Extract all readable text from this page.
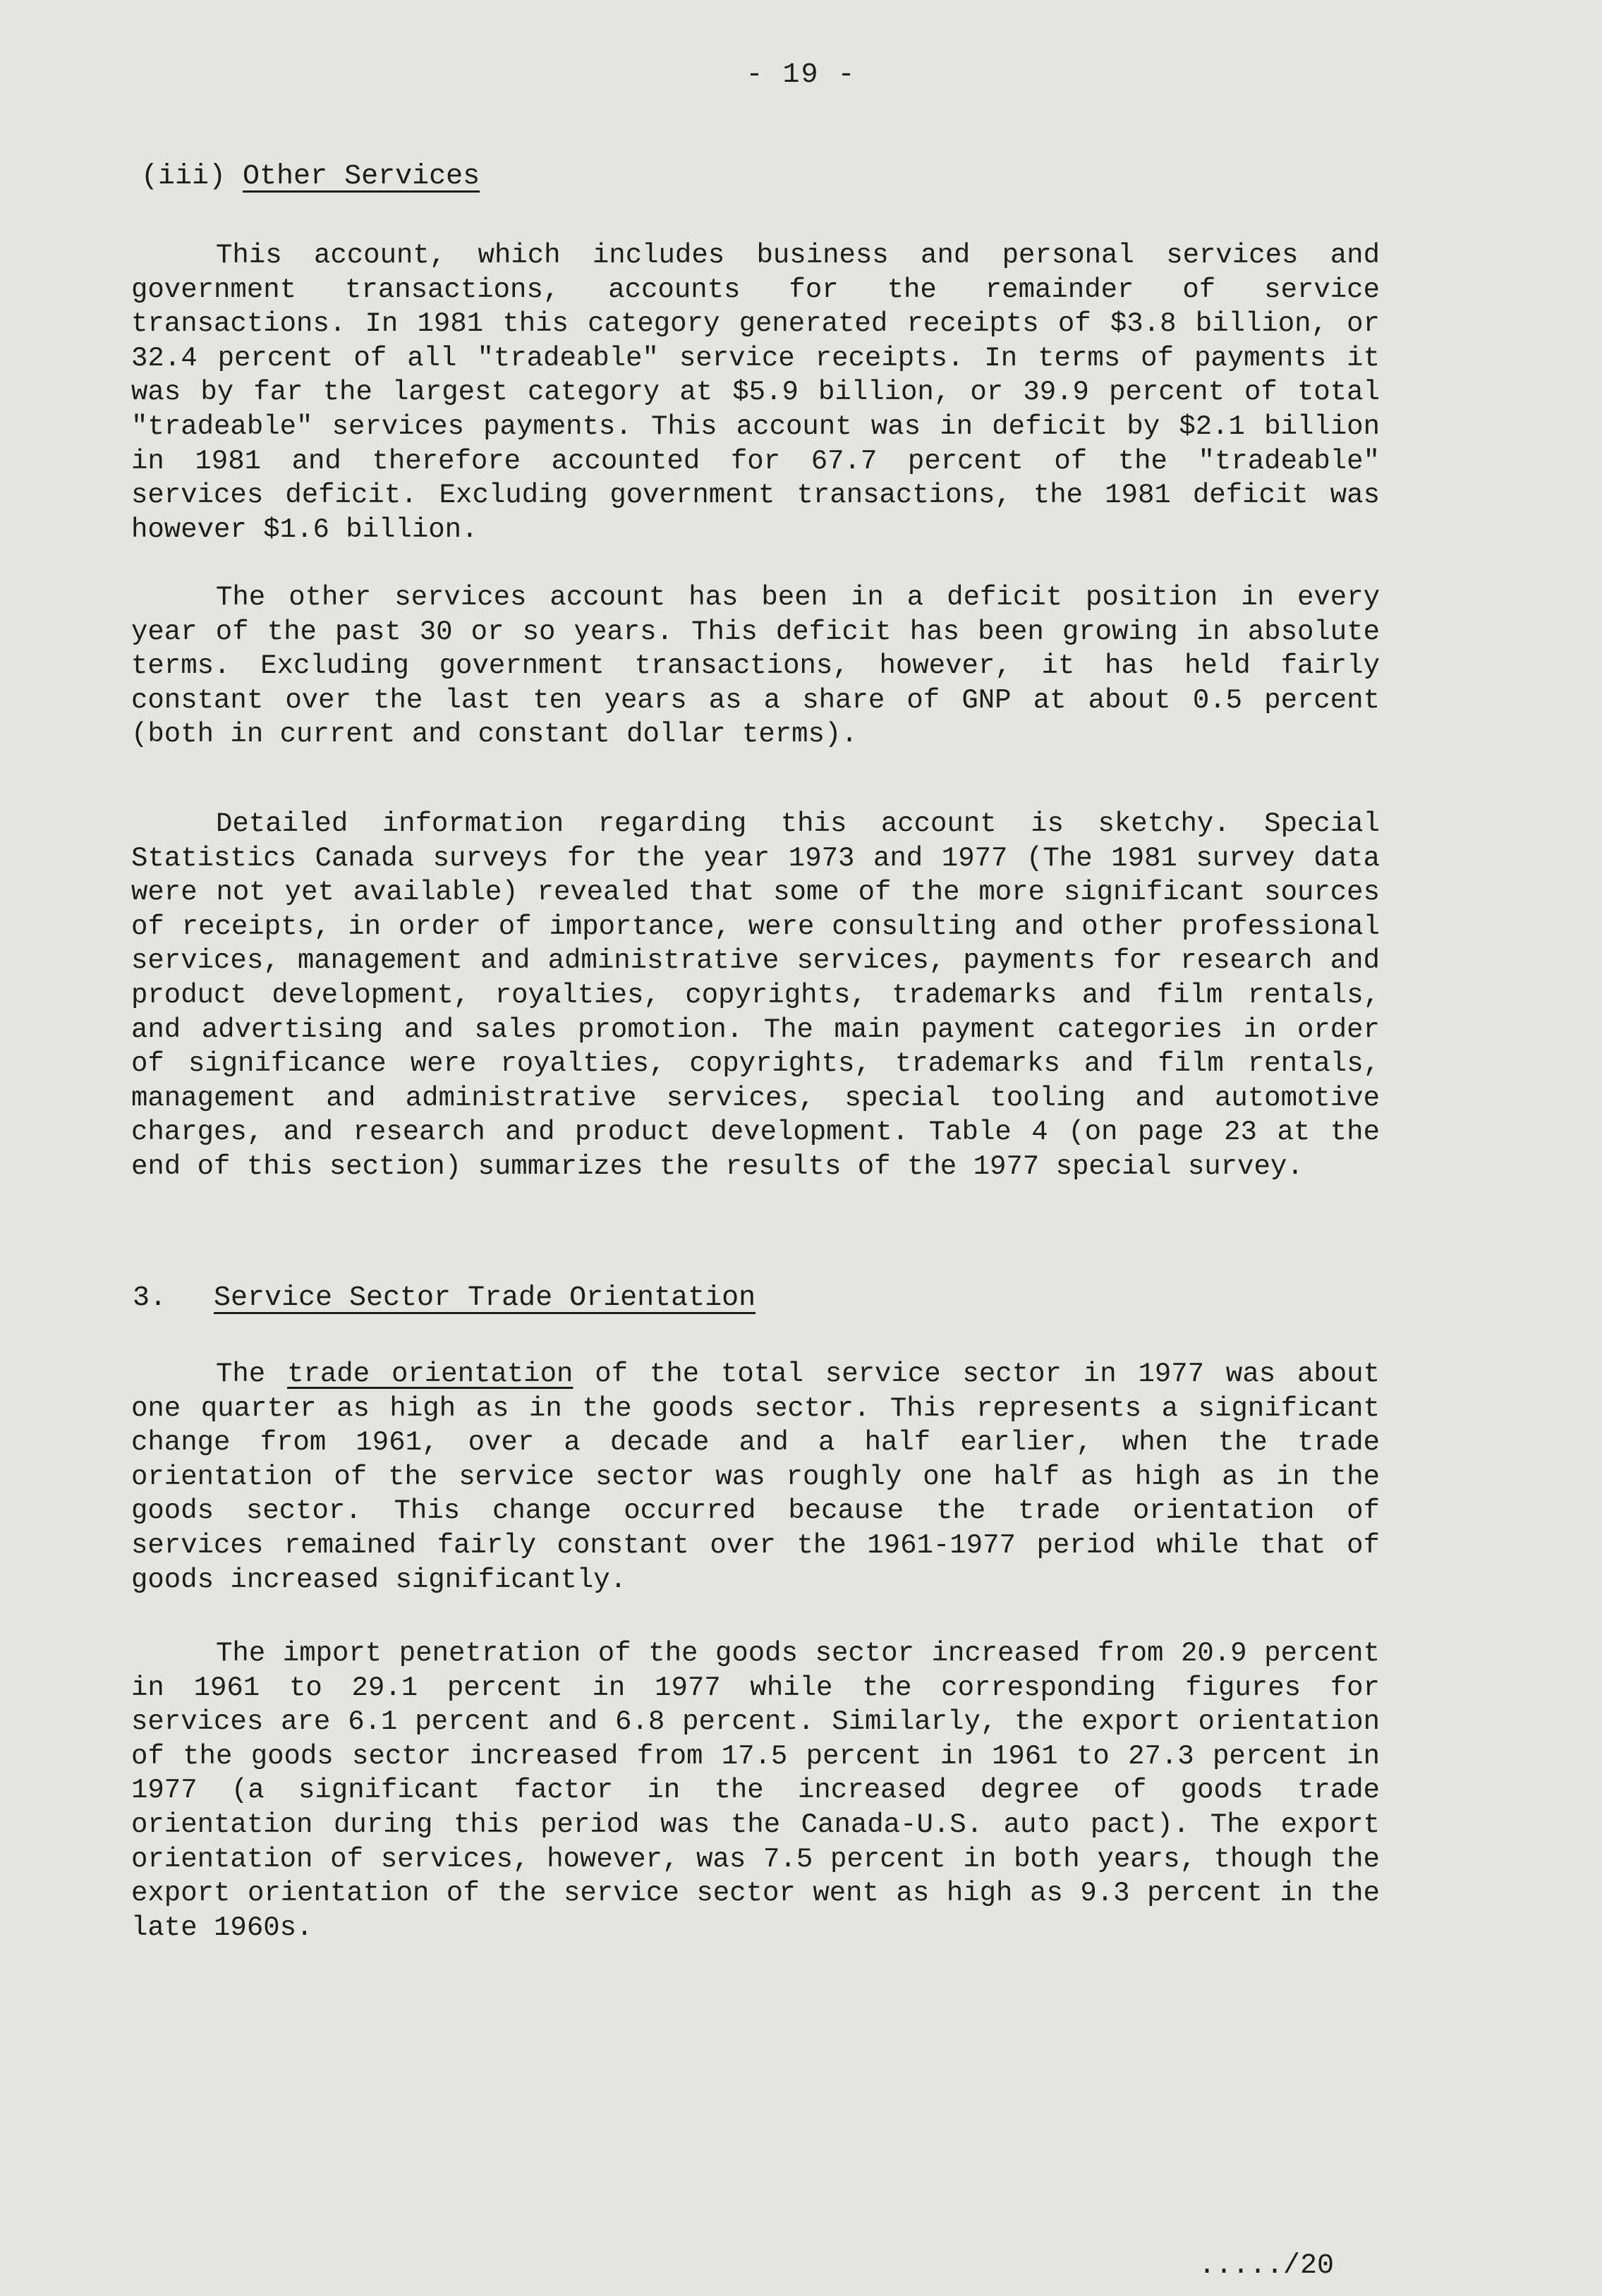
- 19 -
(iii) Other Services

This account, which includes business and personal services and government transactions, accounts for the remainder of service transactions. In 1981 this category generated receipts of $3.8 billion, or 32.4 percent of all "tradeable" service receipts. In terms of payments it was by far the largest category at $5.9 billion, or 39.9 percent of total "tradeable" services payments. This account was in deficit by $2.1 billion in 1981 and therefore accounted for 67.7 percent of the "tradeable" services deficit. Excluding government transactions, the 1981 deficit was however $1.6 billion.

The other services account has been in a deficit position in every year of the past 30 or so years. This deficit has been growing in absolute terms. Excluding government transactions, however, it has held fairly constant over the last ten years as a share of GNP at about 0.5 percent (both in current and constant dollar terms).

Detailed information regarding this account is sketchy. Special Statistics Canada surveys for the year 1973 and 1977 (The 1981 survey data were not yet available) revealed that some of the more significant sources of receipts, in order of importance, were consulting and other professional services, management and administrative services, payments for research and product development, royalties, copyrights, trademarks and film rentals, and advertising and sales promotion. The main payment categories in order of significance were royalties, copyrights, trademarks and film rentals, management and administrative services, special tooling and automotive charges, and research and product development. Table 4 (on page 23 at the end of this section) summarizes the results of the 1977 special survey.

3. Service Sector Trade Orientation

The trade orientation of the total service sector in 1977 was about one quarter as high as in the goods sector. This represents a significant change from 1961, over a decade and a half earlier, when the trade orientation of the service sector was roughly one half as high as in the goods sector. This change occurred because the trade orientation of services remained fairly constant over the 1961-1977 period while that of goods increased significantly.

The import penetration of the goods sector increased from 20.9 percent in 1961 to 29.1 percent in 1977 while the corresponding figures for services are 6.1 percent and 6.8 percent. Similarly, the export orientation of the goods sector increased from 17.5 percent in 1961 to 27.3 percent in 1977 (a significant factor in the increased degree of goods trade orientation during this period was the Canada-U.S. auto pact). The export orientation of services, however, was 7.5 percent in both years, though the export orientation of the service sector went as high as 9.3 percent in the late 1960s.

...../20
